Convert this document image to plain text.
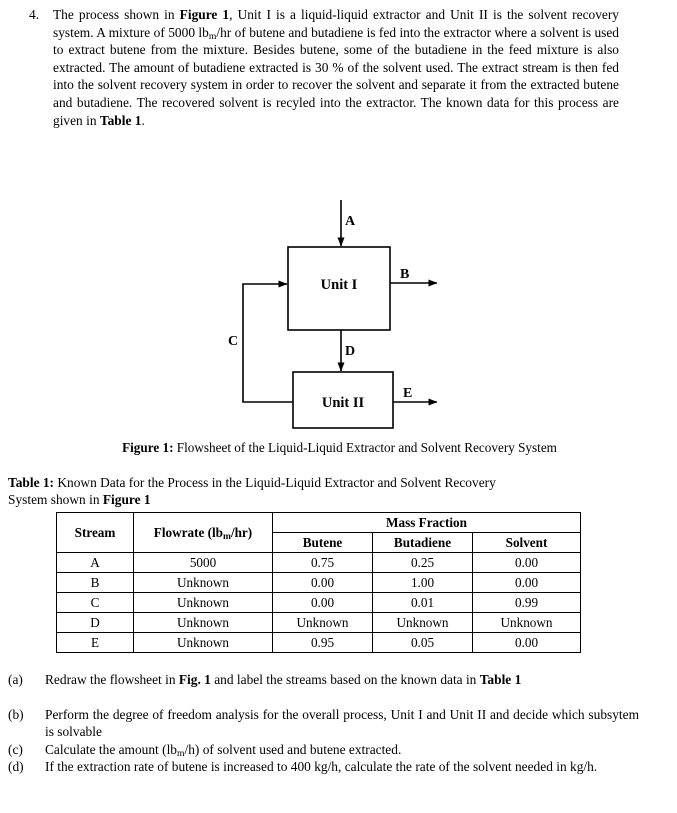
4.	The process shown in Figure 1, Unit I is a liquid-liquid extractor and Unit II is the solvent recovery system. A mixture of 5000 $lb_m/hr$ of butene and butadiene is fed into the extractor where a solvent is used to extract butene from the mixture. Besides butene, some of the butadiene in the feed mixture is also extracted. The amount of butadiene extracted is 30 % of the solvent used. The extract stream is then fed into the solvent recovery system in order to recover the solvent and separate it from the extracted butene and butadiene. The recovered solvent is recyled into the extractor. The known data for this process are given in Table 1.
Unit I
Unit II
A
B
D
E
C
Figure 1: Flowsheet of the Liquid-Liquid Extractor and Solvent Recovery System
Table 1: Known Data for the Process in the Liquid-Liquid Extractor and Solvent Recovery
System shown in Figure 1
Stream	Flowrate $(lb_m/hr)$	Mass Fraction		
		Butene	Butadiene	Solvent
A	5000	0.75	0.25	0.00
B	Unknown	0.00	1.00	0.00
C	Unknown	0.00	0.01	0.99
D	Unknown	Unknown	Unknown	Unknown
E	Unknown	0.95	0.05	0.00
(a)	Redraw the flowsheet in Fig. 1 and label the streams based on the known data in Table 1
(b)	Perform the degree of freedom analysis for the overall process, Unit I and Unit II and decide which subsytem is solvable
(c)	Calculate the amount $(lb_m/h)$ of solvent used and butene extracted.
(d)	If the extraction rate of butene is increased to 400 kg/h, calculate the rate of the solvent needed in kg/h.
